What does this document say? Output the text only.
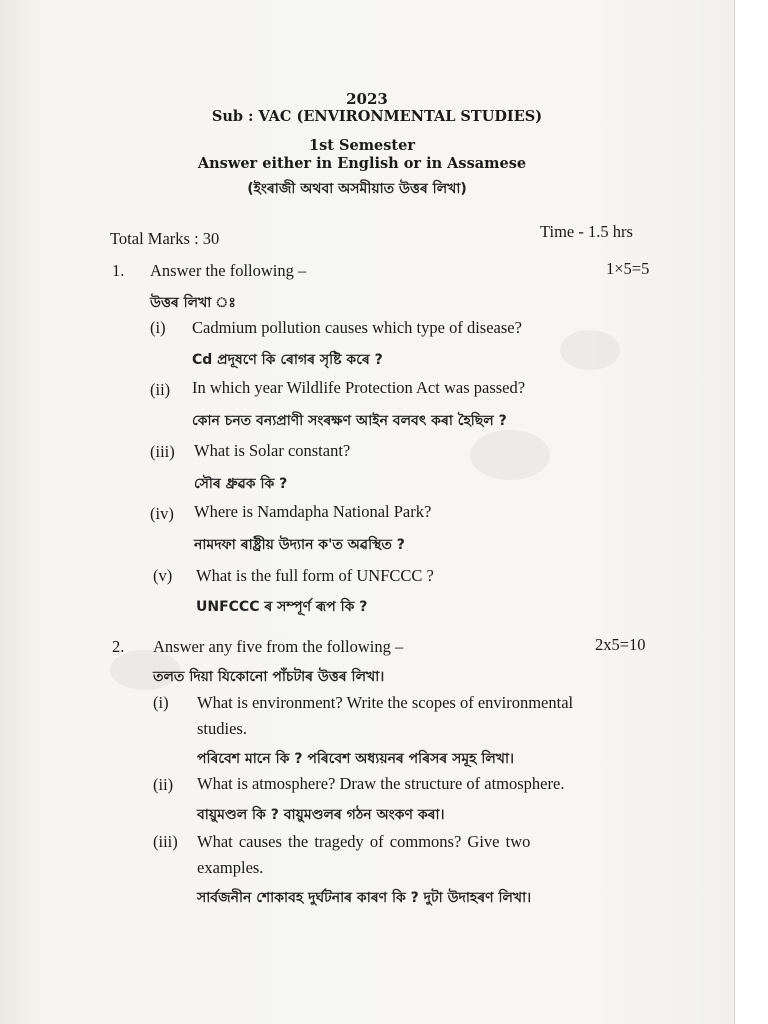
2023
Sub : VAC (ENVIRONMENTAL STUDIES)
1st Semester
Answer either in English or in Assamese
(ইংৰাজী অথবা অসমীয়াত উত্তৰ লিখা)
Total Marks : 30	Time - 1.5 hrs
1. Answer the following –	1×5=5
উত্তৰ লিখা ঃ
(i) Cadmium pollution causes which type of disease?
Cd প্ৰদূষণে কি ৰোগৰ সৃষ্টি কৰে ?
(ii) In which year Wildlife Protection Act was passed?
কোন চনত বন্যপ্ৰাণী সংৰক্ষণ আইন বলবৎ কৰা হৈছিল ?
(iii) What is Solar constant?
সৌৰ ধ্ৰুৱক কি ?
(iv) Where is Namdapha National Park?
নামদফা ৰাষ্ট্ৰীয় উদ্যান ক'ত অৱস্থিত ?
(v) What is the full form of UNFCCC ?
UNFCCC ৰ সম্পূৰ্ণ ৰূপ কি ?
2. Answer any five from the following –	2x5=10
তলত দিয়া যিকোনো পাঁচটাৰ উত্তৰ লিখা।
(i) What is environment? Write the scopes of environmental
studies.
পৰিবেশ মানে কি ? পৰিবেশ অধ্যয়নৰ পৰিসৰ সমূহ লিখা।
(ii) What is atmosphere? Draw the structure of atmosphere.
বায়ুমণ্ডল কি ? বায়ুমণ্ডলৰ গঠন অংকণ কৰা।
(iii) What causes the tragedy of commons? Give two
examples.
সাৰ্বজনীন শোকাবহ দুৰ্ঘটনাৰ কাৰণ কি ? দুটা উদাহৰণ লিখা।
